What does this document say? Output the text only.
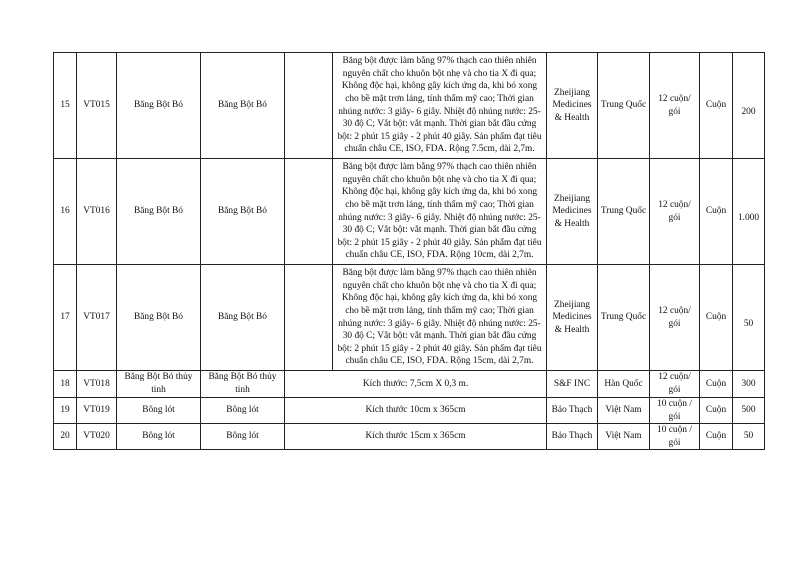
15	VT015	Băng Bột Bó	Băng Bột Bó		Băng bột được làm bằng 97% thạch cao thiên nhiên nguyên chất cho khuôn bột nhẹ và cho tia X đi qua; Không độc hại, không gây kích ứng da, khi bó xong cho bề mặt trơn láng, tính thẩm mỹ cao; Thời gian nhúng nước: 3 giây- 6 giây. Nhiệt độ nhúng nước: 25-30 độ C; Vắt bột: vắt mạnh. Thời gian bắt đầu cứng bột: 2 phút 15 giây - 2 phút 40 giây. Sản phẩm đạt tiêu chuẩn châu CE, ISO, FDA. Rộng 7.5cm, dài 2,7m.	Zheijiang Medicines & Health	Trung Quốc	12 cuộn/ gói	Cuộn	200
16	VT016	Băng Bột Bó	Băng Bột Bó		Băng bột được làm bằng 97% thạch cao thiên nhiên nguyên chất cho khuôn bột nhẹ và cho tia X đi qua; Không độc hại, không gây kích ứng da, khi bó xong cho bề mặt trơn láng, tính thẩm mỹ cao; Thời gian nhúng nước: 3 giây- 6 giây. Nhiệt độ nhúng nước: 25-30 độ C; Vắt bột: vắt mạnh. Thời gian bắt đầu cứng bột: 2 phút 15 giây - 2 phút 40 giây. Sản phẩm đạt tiêu chuẩn châu CE, ISO, FDA. Rộng 10cm, dài 2,7m.	Zheijiang Medicines & Health	Trung Quốc	12 cuộn/ gói	Cuộn	1.000
17	VT017	Băng Bột Bó	Băng Bột Bó		Băng bột được làm bằng 97% thạch cao thiên nhiên nguyên chất cho khuôn bột nhẹ và cho tia X đi qua; Không độc hại, không gây kích ứng da, khi bó xong cho bề mặt trơn láng, tính thẩm mỹ cao; Thời gian nhúng nước: 3 giây- 6 giây. Nhiệt độ nhúng nước: 25-30 độ C; Vắt bột: vắt mạnh. Thời gian bắt đầu cứng bột: 2 phút 15 giây - 2 phút 40 giây. Sản phẩm đạt tiêu chuẩn châu CE, ISO, FDA. Rộng 15cm, dài 2,7m.	Zheijiang Medicines & Health	Trung Quốc	12 cuộn/ gói	Cuộn	50
18	VT018	Băng Bột Bó thủy tinh	Băng Bột Bó thủy tinh	Kích thước: 7,5cm X 0,3 m.		S&F INC	Hàn Quốc	12 cuộn/ gói	Cuộn	300
19	VT019	Bông lót	Bông lót	Kích thước 10cm x 365cm		Bảo Thạch	Việt Nam	10 cuộn / gói	Cuộn	500
20	VT020	Bông lót	Bông lót	Kích thước 15cm x 365cm		Bảo Thạch	Việt Nam	10 cuộn / gói	Cuộn	50
